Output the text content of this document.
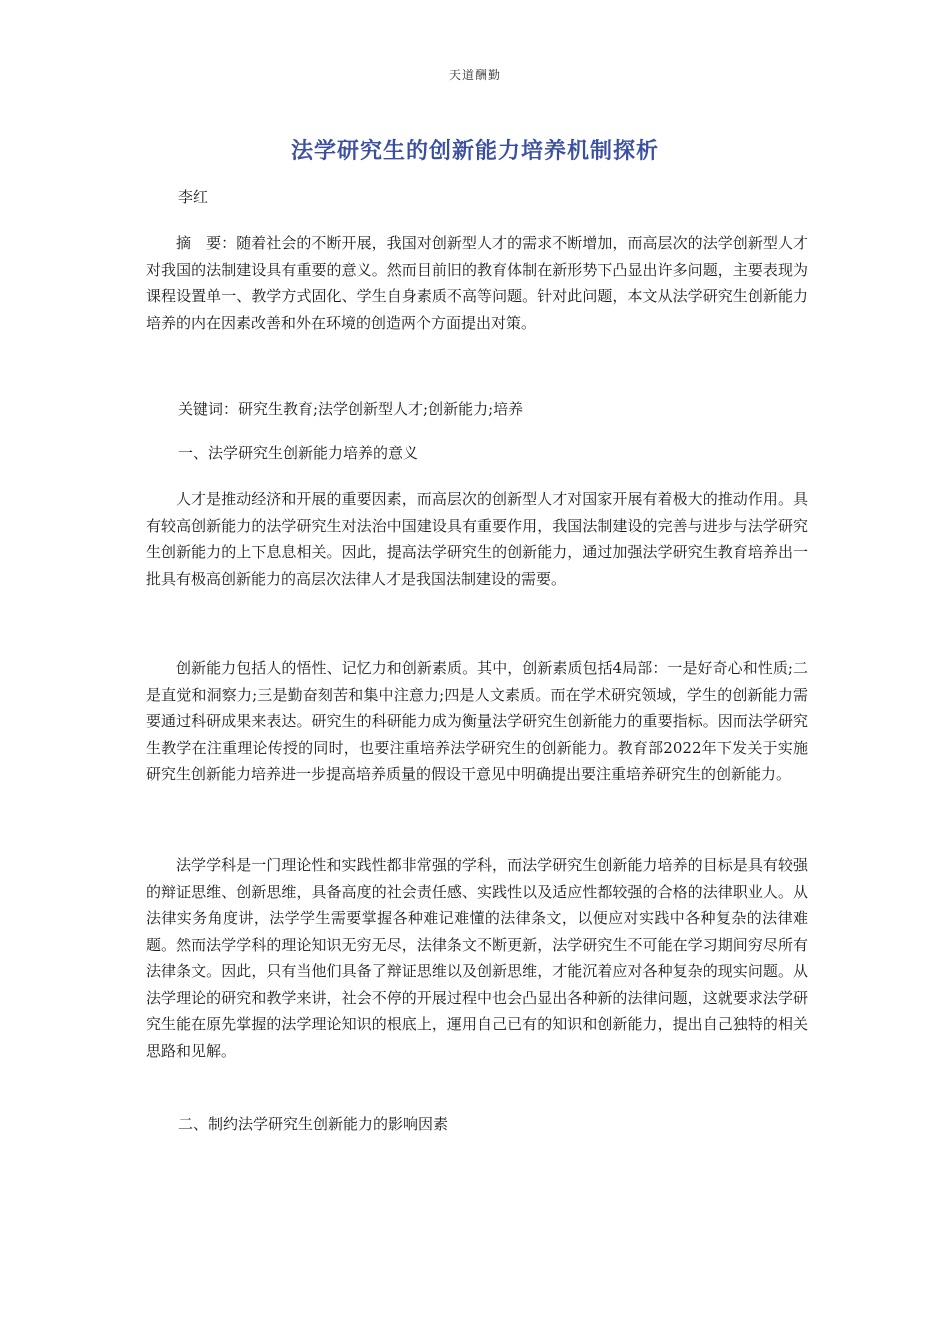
天道酬勤
法学研究生的创新能力培养机制探析
李红

摘　要：随着社会的不断开展，我国对创新型人才的需求不断增加，而高层次的法学创新型人才对我国的法制建设具有重要的意义。然而目前旧的教育体制在新形势下凸显出许多问题，主要表现为课程设置单一、教学方式固化、学生自身素质不高等问题。针对此问题，本文从法学研究生创新能力培养的内在因素改善和外在环境的创造两个方面提出对策。

关键词：研究生教育;法学创新型人才;创新能力;培养
一、法学研究生创新能力培养的意义

人才是推动经济和开展的重要因素，而高层次的创新型人才对国家开展有着极大的推动作用。具有较高创新能力的法学研究生对法治中国建设具有重要作用，我国法制建设的完善与进步与法学研究生创新能力的上下息息相关。因此，提高法学研究生的创新能力，通过加强法学研究生教育培养出一批具有极高创新能力的高层次法律人才是我国法制建设的需要。

创新能力包括人的悟性、记忆力和创新素质。其中，创新素质包括4局部：一是好奇心和性质;二是直觉和洞察力;三是勤奋刻苦和集中注意力;四是人文素质。而在学术研究领域，学生的创新能力需要通过科研成果来表达。研究生的科研能力成为衡量法学研究生创新能力的重要指标。因而法学研究生教学在注重理论传授的同时，也要注重培养法学研究生的创新能力。教育部2022年下发关于实施研究生创新能力培养进一步提高培养质量的假设干意见中明确提出要注重培养研究生的创新能力。

法学学科是一门理论性和实践性都非常强的学科，而法学研究生创新能力培养的目标是具有较强的辩证思维、创新思维，具备高度的社会责任感、实践性以及适应性都较强的合格的法律职业人。从法律实务角度讲，法学学生需要掌握各种难记难懂的法律条文，以便应对实践中各种复杂的法律难题。然而法学学科的理论知识无穷无尽，法律条文不断更新，法学研究生不可能在学习期间穷尽所有法律条文。因此，只有当他们具备了辩证思维以及创新思维，才能沉着应对各种复杂的现实问题。从法学理论的研究和教学来讲，社会不停的开展过程中也会凸显出各种新的法律问题，这就要求法学研究生能在原先掌握的法学理论知识的根底上，運用自己已有的知识和创新能力，提出自己独特的相关思路和见解。

二、制约法学研究生创新能力的影响因素
